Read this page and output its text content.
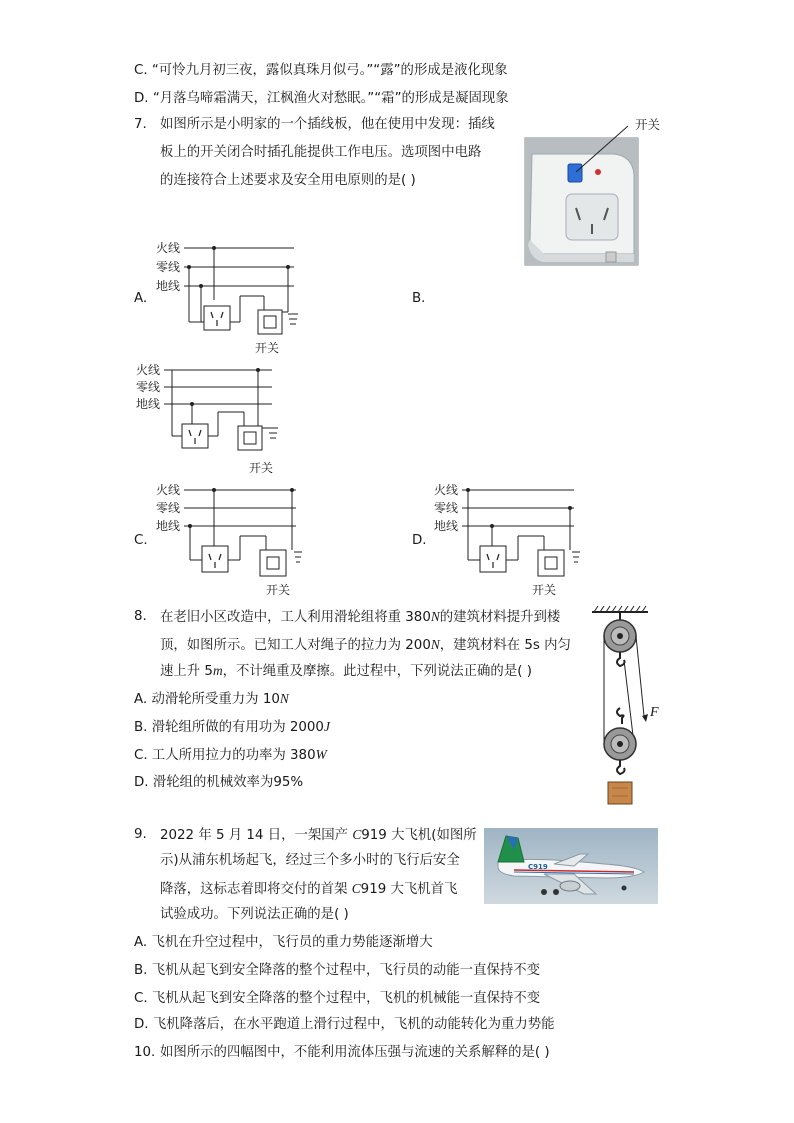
C. “可怜九月初三夜，露似真珠月似弓。”“露”的形成是液化现象
D. “月落乌啼霜满天，江枫渔火对愁眠。”“霜”的形成是凝固现象
7. 如图所示是小明家的一个插线板，他在使用中发现：插线
板上的开关闭合时插孔能提供工作电压。选项图中电路
的连接符合上述要求及安全用电原则的是( )
开关
A.
火线
零线
地线
开关
B.
火线
零线
地线
开关
C.
火线
零线
地线
开关
D.
火线
零线
地线
开关
8. 在老旧小区改造中，工人利用滑轮组将重 380N的建筑材料提升到楼
顶，如图所示。已知工人对绳子的拉力为 200N，建筑材料在 5s 内匀
速上升 5m，不计绳重及摩擦。此过程中，下列说法正确的是( )
A. 动滑轮所受重力为 10N
B. 滑轮组所做的有用功为 2000J
C. 工人所用拉力的功率为 380W
D. 滑轮组的机械效率为95%
F
9. 2022 年 5 月 14 日，一架国产 C919 大飞机(如图所
示)从浦东机场起飞，经过三个多小时的飞行后安全
降落，这标志着即将交付的首架 C919 大飞机首飞
试验成功。下列说法正确的是( )
A. 飞机在升空过程中，飞行员的重力势能逐渐增大
B. 飞机从起飞到安全降落的整个过程中，飞行员的动能一直保持不变
C. 飞机从起飞到安全降落的整个过程中，飞机的机械能一直保持不变
D. 飞机降落后，在水平跑道上滑行过程中，飞机的动能转化为重力势能
C919
10. 如图所示的四幅图中，不能利用流体压强与流速的关系解释的是( )
